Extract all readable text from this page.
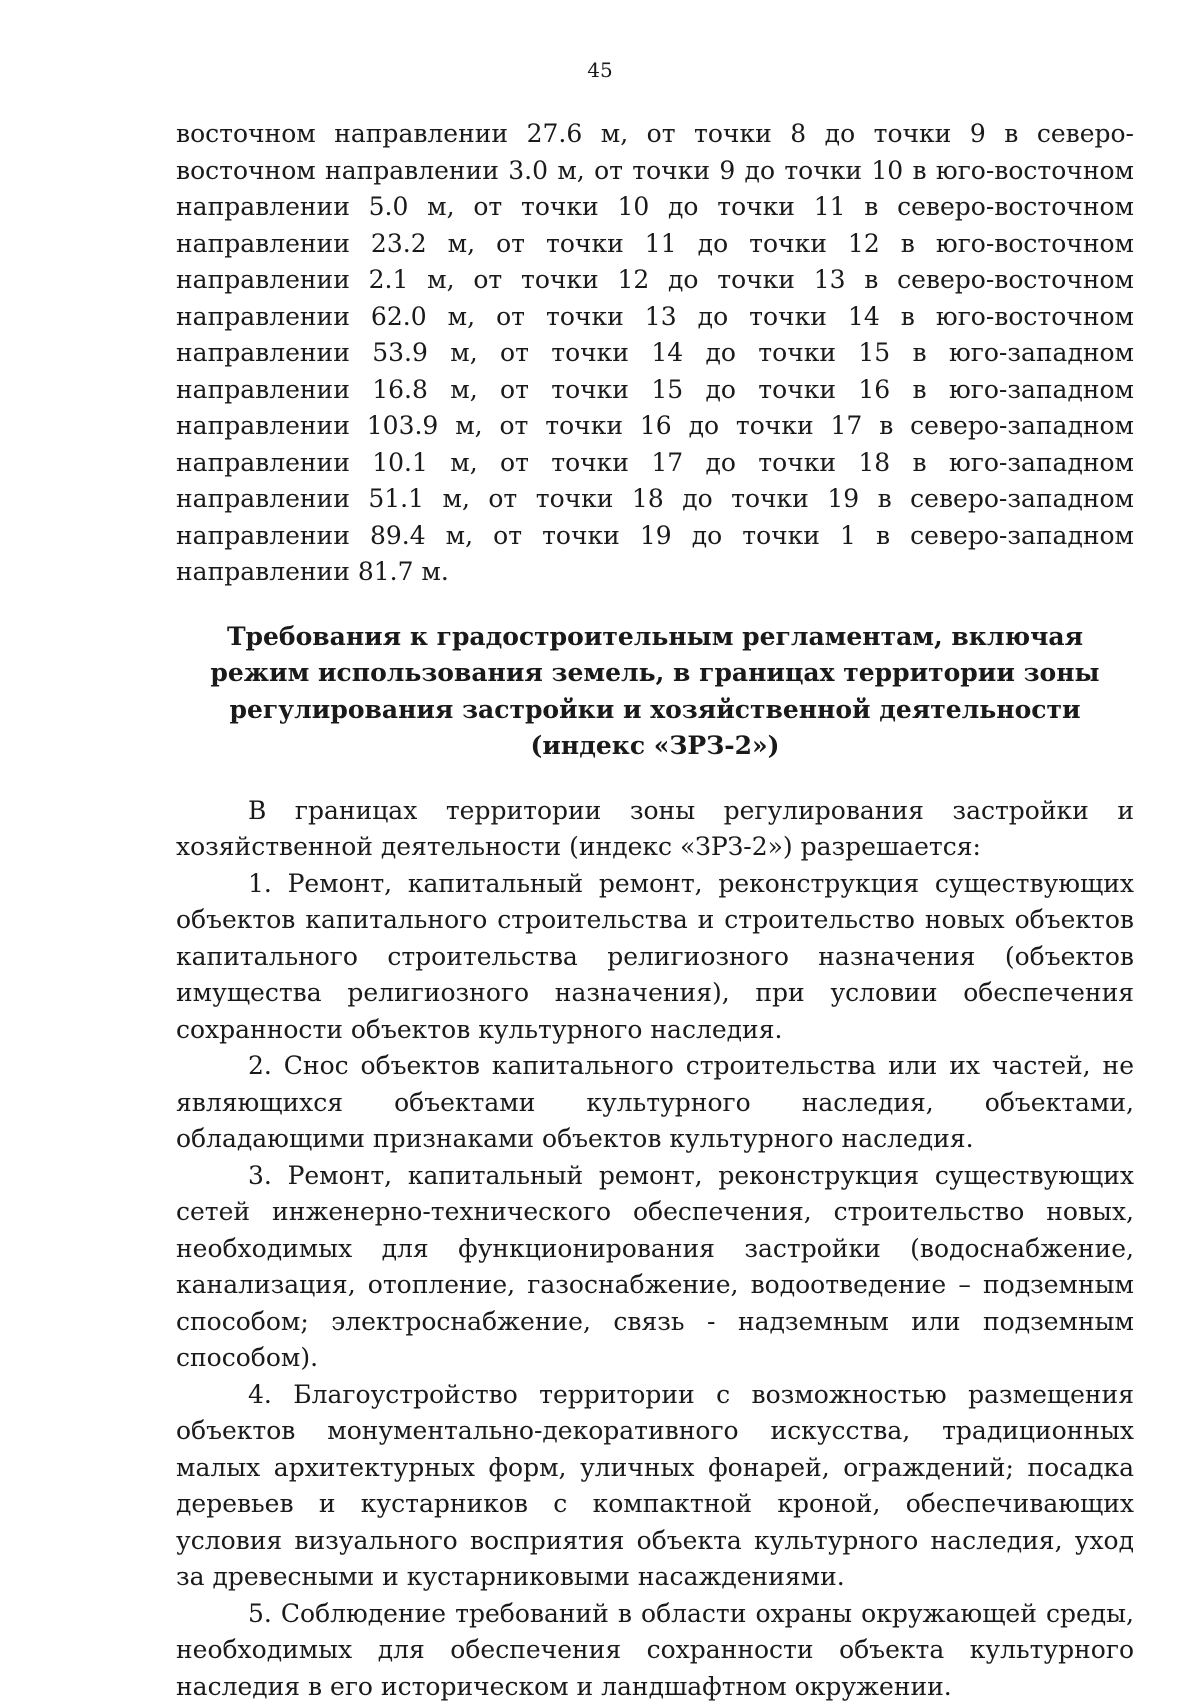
45

восточном направлении 27.6 м, от точки 8 до точки 9 в северо-восточном направлении 3.0 м, от точки 9 до точки 10 в юго-восточном направлении 5.0 м, от точки 10 до точки 11 в северо-восточном направлении 23.2 м, от точки 11 до точки 12 в юго-восточном направлении 2.1 м, от точки 12 до точки 13 в северо-восточном направлении 62.0 м, от точки 13 до точки 14 в юго-восточном направлении 53.9 м, от точки 14 до точки 15 в юго-западном направлении 16.8 м, от точки 15 до точки 16 в юго-западном направлении 103.9 м, от точки 16 до точки 17 в северо-западном направлении 10.1 м, от точки 17 до точки 18 в юго-западном направлении 51.1 м, от точки 18 до точки 19 в северо-западном направлении 89.4 м, от точки 19 до точки 1 в северо-западном направлении 81.7 м.

Требования к градостроительным регламентам, включая режим использования земель, в границах территории зоны регулирования застройки и хозяйственной деятельности (индекс «ЗРЗ-2»)

В границах территории зоны регулирования застройки и хозяйственной деятельности (индекс «ЗРЗ-2») разрешается:

1. Ремонт, капитальный ремонт, реконструкция существующих объектов капитального строительства и строительство новых объектов капитального строительства религиозного назначения (объектов имущества религиозного назначения), при условии обеспечения сохранности объектов культурного наследия.

2. Снос объектов капитального строительства или их частей, не являющихся объектами культурного наследия, объектами, обладающими признаками объектов культурного наследия.

3. Ремонт, капитальный ремонт, реконструкция существующих сетей инженерно-технического обеспечения, строительство новых, необходимых для функционирования застройки (водоснабжение, канализация, отопление, газоснабжение, водоотведение – подземным способом; электроснабжение, связь - надземным или подземным способом).

4. Благоустройство территории с возможностью размещения объектов монументально-декоративного искусства, традиционных малых архитектурных форм, уличных фонарей, ограждений; посадка деревьев и кустарников с компактной кроной, обеспечивающих условия визуального восприятия объекта культурного наследия, уход за древесными и кустарниковыми насаждениями.

5. Соблюдение требований в области охраны окружающей среды, необходимых для обеспечения сохранности объекта культурного наследия в его историческом и ландшафтном окружении.
